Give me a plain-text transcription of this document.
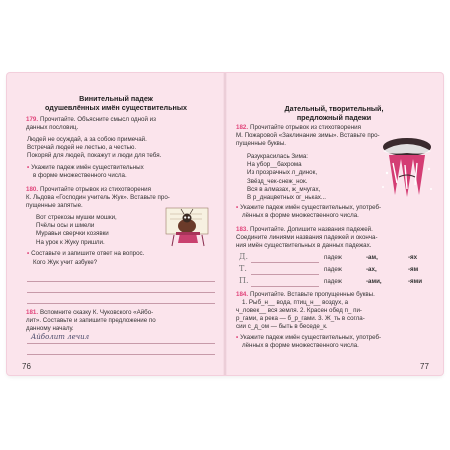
Винительный падеж
одушевлённых имён существительных
179. Прочитайте. Объясните смысл одной из
данных пословиц.
Людей не осуждай, а за собою примечай.
Встречай людей не лестью, а честью.
Покоряй для людей, покажут и люди для тебя.
• Укажите падеж имён существительных
в форме множественного числа.
180. Прочитайте отрывок из стихотворения
К. Льдова «Господин учитель Жук». Вставьте про-
пущенные запятые.
Вот стрекозы мушки мошки,
Пчёлы осы и шмели
Муравьи сверчки козявки
На урок к Жуку пришли.
• Составьте и запишите ответ на вопрос.
Кого Жук учит азбуке?
181. Вспомните сказку К. Чуковского «Айбо-
лит». Составьте и запишите предложение по
данному началу.
Айболит лечил
76
Дательный, творительный,
предложный падежи
182. Прочитайте отрывок из стихотворения
М. Пожаровой «Заклинание зимы». Вставьте про-
пущенные буквы.
Разукрасилась Зима:
На убор__бахрома
Из прозрачных л_динок,
Звёзд_чек-снеж_нок.
Вся в алмазах, ж_мчугах,
В р_днацветных ог_ньках...
• Укажите падеж имён существительных, употреб-
лённых в форме множественного числа.
183. Прочитайте. Допишите названия падежей.
Соедините линиями названия падежей и оконча-
ния имён существительных в данных падежах.
Д.	падеж	-ам,	-ях
Т.	падеж	-ах,	-ям
П.	падеж	-ами,	-ями
184. Прочитайте. Вставьте пропущенные буквы.
1. Рыб_н__ вода, птиц_н__ воздух, а
ч_ловек__ вся земля. 2. Красен обед п_ пи-
р_гами, а река — б_р_гами. 3. Ж_ть в согла-
сии с_д_ом — быть в беседе_к.
• Укажите падеж имён существительных, употреб-
лённых в форме множественного числа.
77
